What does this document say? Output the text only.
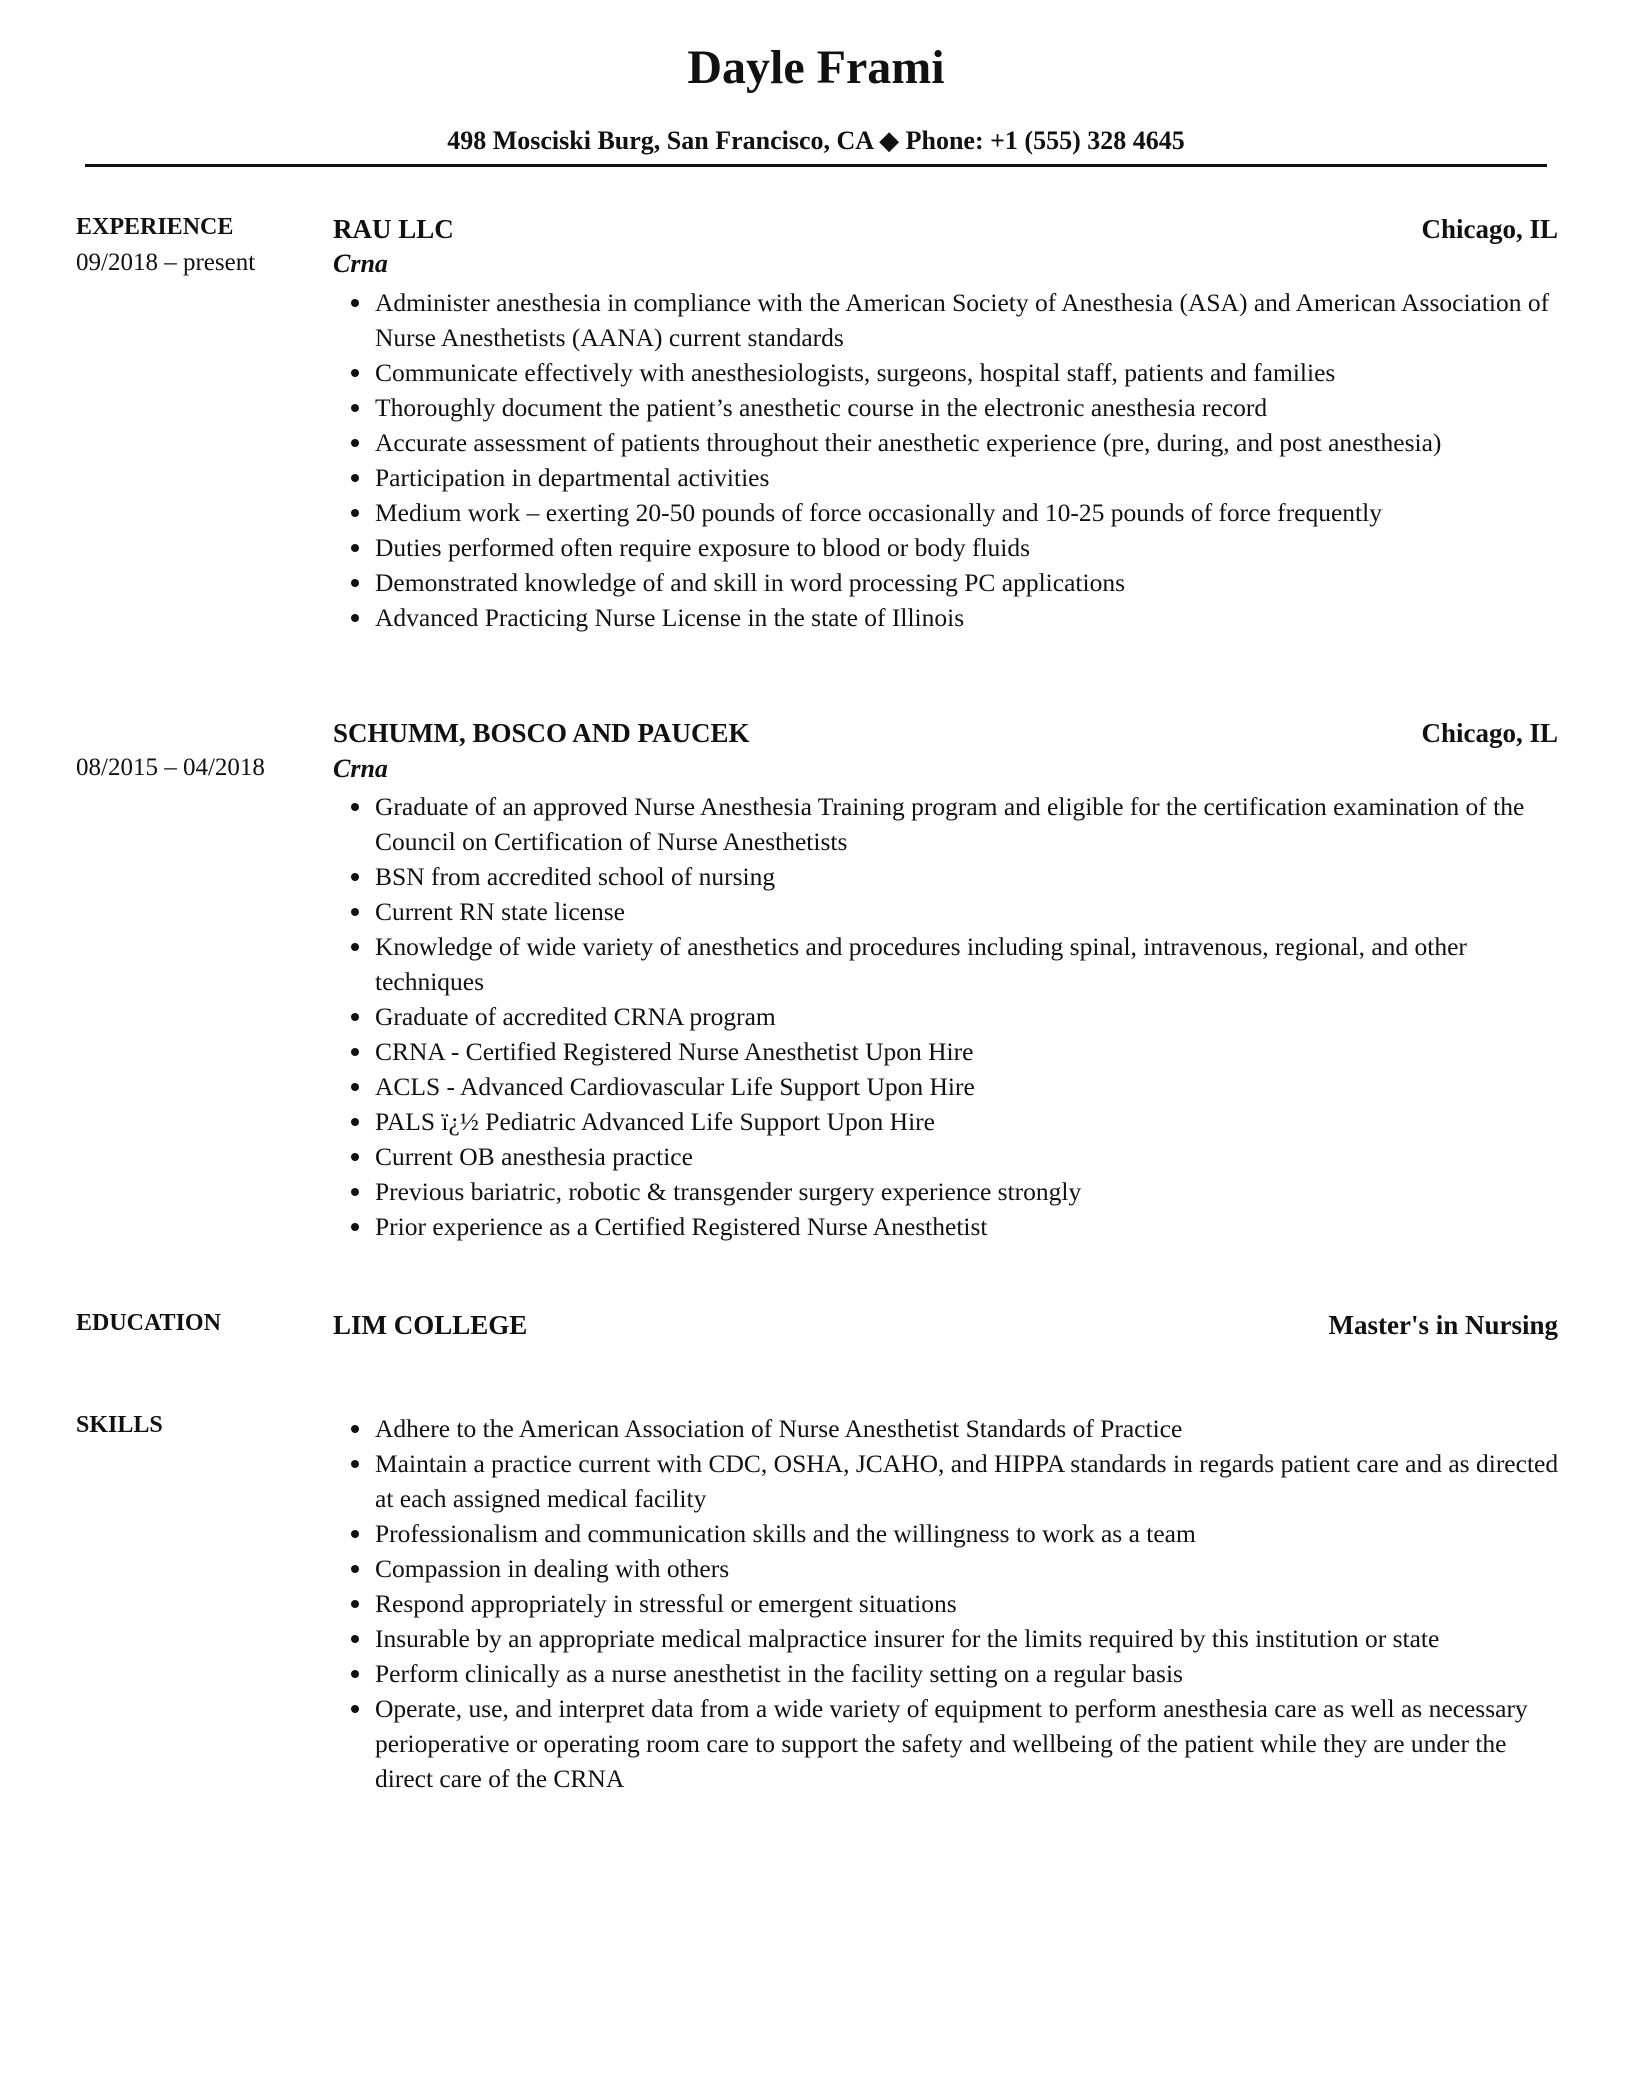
Dayle Frami
498 Mosciski Burg, San Francisco, CA ◆ Phone: +1 (555) 328 4645
EXPERIENCE
09/2018 – present
RAU LLC	Chicago, IL
Crna
Administer anesthesia in compliance with the American Society of Anesthesia (ASA) and American Association of Nurse Anesthetists (AANA) current standards
Communicate effectively with anesthesiologists, surgeons, hospital staff, patients and families
Thoroughly document the patient’s anesthetic course in the electronic anesthesia record
Accurate assessment of patients throughout their anesthetic experience (pre, during, and post anesthesia)
Participation in departmental activities
Medium work – exerting 20-50 pounds of force occasionally and 10-25 pounds of force frequently
Duties performed often require exposure to blood or body fluids
Demonstrated knowledge of and skill in word processing PC applications
Advanced Practicing Nurse License in the state of Illinois
SCHUMM, BOSCO AND PAUCEK	Chicago, IL
08/2015 – 04/2018	Crna
Graduate of an approved Nurse Anesthesia Training program and eligible for the certification examination of the Council on Certification of Nurse Anesthetists
BSN from accredited school of nursing
Current RN state license
Knowledge of wide variety of anesthetics and procedures including spinal, intravenous, regional, and other techniques
Graduate of accredited CRNA program
CRNA - Certified Registered Nurse Anesthetist Upon Hire
ACLS - Advanced Cardiovascular Life Support Upon Hire
PALS ï¿½ Pediatric Advanced Life Support Upon Hire
Current OB anesthesia practice
Previous bariatric, robotic & transgender surgery experience strongly
Prior experience as a Certified Registered Nurse Anesthetist
EDUCATION	LIM COLLEGE	Master's in Nursing
SKILLS	Adhere to the American Association of Nurse Anesthetist Standards of Practice
Maintain a practice current with CDC, OSHA, JCAHO, and HIPPA standards in regards patient care and as directed at each assigned medical facility
Professionalism and communication skills and the willingness to work as a team
Compassion in dealing with others
Respond appropriately in stressful or emergent situations
Insurable by an appropriate medical malpractice insurer for the limits required by this institution or state
Perform clinically as a nurse anesthetist in the facility setting on a regular basis
Operate, use, and interpret data from a wide variety of equipment to perform anesthesia care as well as necessary perioperative or operating room care to support the safety and wellbeing of the patient while they are under the direct care of the CRNA
